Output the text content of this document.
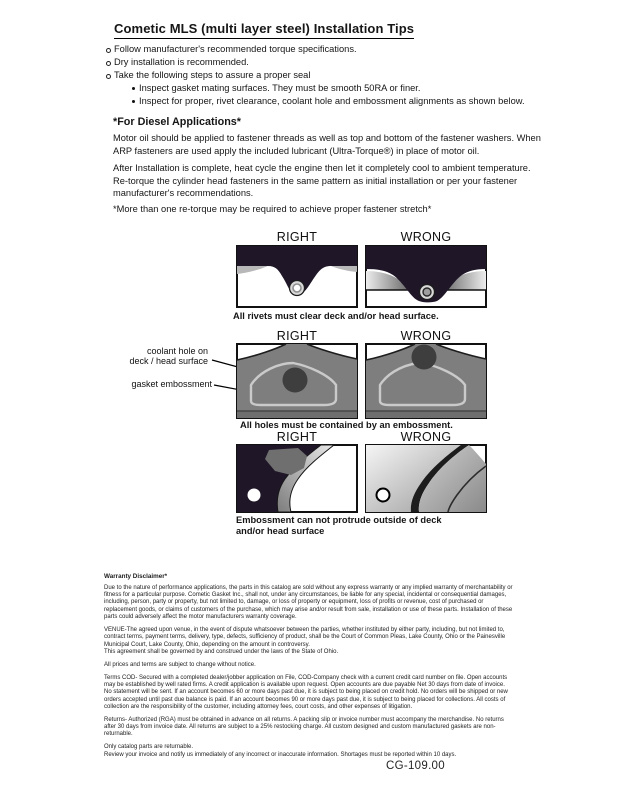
Cometic MLS (multi layer steel) Installation Tips
Follow manufacturer's recommended torque specifications.
Dry installation is recommended.
Take the following steps to assure a proper seal
Inspect gasket mating surfaces. They must be smooth 50RA or finer.
Inspect for proper, rivet clearance, coolant hole and embossment alignments as shown below.
*For Diesel Applications*
Motor oil should be applied to fastener threads as well as top and bottom of the fastener washers. When ARP fasteners are used apply the included lubricant (Ultra-Torque®) in place of motor oil.
After Installation is complete, heat cycle the engine then let it completely cool to ambient temperature. Re-torque the cylinder head fasteners in the same pattern as initial installation or per your fastener manufacturer's recommendations.
*More than one re-torque may be required to achieve proper fastener stretch*
RIGHT	WRONG
All rivets must clear deck and/or head surface.
RIGHT	WRONG
coolant hole on
deck / head surface
gasket embossment
All holes must be contained by an embossment.
RIGHT	WRONG
Embossment can not protrude outside of deck
and/or head surface

Warranty Disclaimer*

Due to the nature of performance applications, the parts in this catalog are sold without any express warranty or any implied warranty of merchantability or fitness for a particular purpose. Cometic Gasket Inc., shall not, under any circumstances, be liable for any special, incidental or consequential damages, including, person, party or property, but not limited to, damage, or loss of property or equipment, loss of profits or revenue, cost of purchased or replacement goods, or claims of customers of the purchase, which may arise and/or result from sale, installation or use of these parts. Installation of these parts could adversely affect the motor manufacturers warranty coverage.

VENUE-The agreed upon venue, in the event of dispute whatsoever between the parties, whether instituted by either party, including, but not limited to, contract terms, payment terms, delivery, type, defects, sufficiency of product, shall be the Court of Common Pleas, Lake County, Ohio or the Painesville Municipal Court, Lake County, Ohio, depending on the amount in controversy.
This agreement shall be governed by and construed under the laws of the State of Ohio.

All prices and terms are subject to change without notice.

Terms COD- Secured with a completed dealer/jobber application on File, COD-Company check with a current credit card number on file. Open accounts may be established by well rated firms. A credit application is available upon request. Open accounts are due payable Net 30 days from date of invoice. No statement will be sent. If an account becomes 60 or more days past due, it is subject to being placed on credit hold. No orders will be shipped or new orders accepted until past due balance is paid. If an account becomes 90 or more days past due, it is subject to being placed for collections. All costs of collection are the responsibility of the customer, including attorney fees, court costs, and other expenses of litigation.

Returns- Authorized (RGA) must be obtained in advance on all returns. A packing slip or invoice number must accompany the merchandise. No returns after 30 days from invoice date. All returns are subject to a 25% restocking charge. All custom designed and custom manufactured gaskets are non-returnable.

Only catalog parts are returnable.
Review your invoice and notify us immediately of any incorrect or inaccurate information. Shortages must be reported within 10 days.

CG-109.00
